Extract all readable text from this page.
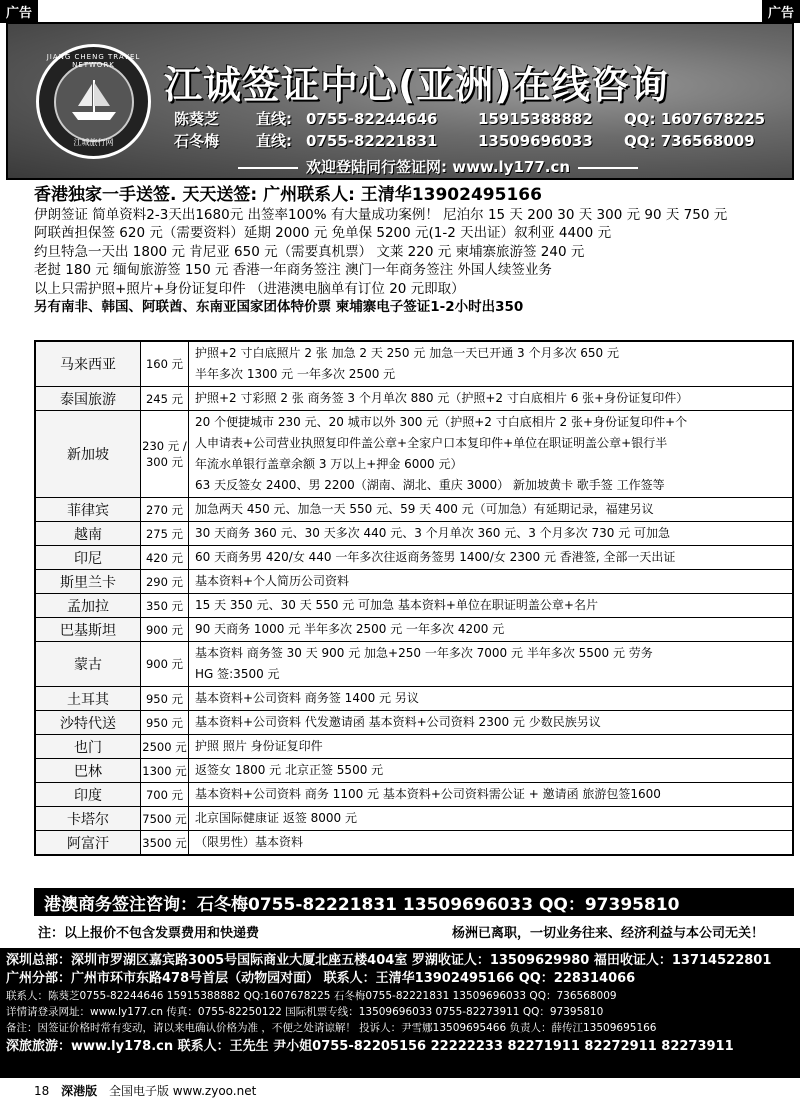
广告	广告
JIANG CHENG TRAVEL NETWORK
江城旅行网
江诚签证中心(亚洲)在线咨询
陈葵芝 直线: 0755-82244646	15915388882 QQ: 1607678225
石冬梅 直线: 0755-82221831	13509696033 QQ: 736568009
欢迎登陆同行签证网: www.ly177.cn
香港独家一手送签. 天天送签: 广州联系人: 王清华13902495166
伊朗签证 简单资料2-3天出1680元 出签率100% 有大量成功案例！ 尼泊尔 15 天 200 30 天 300 元 90 天 750 元
阿联酋担保签 620 元（需要资料）延期 2000 元 免单保 5200 元(1-2 天出证）叙利亚 4400 元
约旦特急一天出 1800 元 肯尼亚 650 元（需要真机票） 文莱 220 元 柬埔寨旅游签 240 元
老挝 180 元 缅甸旅游签 150 元 香港一年商务签注 澳门一年商务签注 外国人续签业务
以上只需护照+照片+身份证复印件 （进港澳电脑单有订位 20 元即取）
另有南非、韩国、阿联酋、东南亚国家团体特价票 柬埔寨电子签证1-2小时出350
马来西亚	160 元	护照+2 寸白底照片 2 张 加急 2 天 250 元 加急一天已开通 3 个月多次 650 元
半年多次 1300 元 一年多次 2500 元

泰国旅游	245 元	护照+2 寸彩照 2 张 商务签 3 个月单次 880 元（护照+2 寸白底相片 6 张+身份证复印件）

新加坡	230 元 / 300 元	20 个便捷城市 230 元、20 城市以外 300 元（护照+2 寸白底相片 2 张+身份证复印件+个
人申请表+公司营业执照复印件盖公章+全家户口本复印件+单位在职证明盖公章+银行半
年流水单银行盖章余额 3 万以上+押金 6000 元）
63 天反签女 2400、男 2200（湖南、湖北、重庆 3000） 新加坡黄卡 歌手签 工作签等

菲律宾	270 元	加急两天 450 元、加急一天 550 元、59 天 400 元（可加急）有延期记录，福建另议

越南	275 元	30 天商务 360 元、30 天多次 440 元、3 个月单次 360 元、3 个月多次 730 元 可加急

印尼	420 元	60 天商务男 420/女 440 一年多次往返商务签男 1400/女 2300 元 香港签, 全部一天出证

斯里兰卡	290 元	基本资料+个人简历公司资料

孟加拉	350 元	15 天 350 元、30 天 550 元 可加急 基本资料+单位在职证明盖公章+名片

巴基斯坦	900 元	90 天商务 1000 元 半年多次 2500 元 一年多次 4200 元

蒙古	900 元	基本资料 商务签 30 天 900 元 加急+250 一年多次 7000 元 半年多次 5500 元 劳务
HG 签:3500 元

土耳其	950 元	基本资料+公司资料 商务签 1400 元 另议

沙特代送	950 元	基本资料+公司资料 代发邀请函 基本资料+公司资料 2300 元 少数民族另议

也门	2500 元	护照 照片 身份证复印件

巴林	1300 元	返签女 1800 元 北京正签 5500 元

印度	700 元	基本资料+公司资料 商务 1100 元 基本资料+公司资料需公证 + 邀请函 旅游包签1600

卡塔尔	7500 元	北京国际健康证 返签 8000 元

阿富汗	3500 元	（限男性）基本资料
港澳商务签注咨询：石冬梅0755-82221831 13509696033 QQ：97395810
注：以上报价不包含发票费用和快递费	杨洲已离职，一切业务往来、经济利益与本公司无关！
深圳总部：深圳市罗湖区嘉宾路3005号国际商业大厦北座五楼404室 罗湖收证人：13509629980 福田收证人：13714522801
广州分部：广州市环市东路478号首层（动物园对面） 联系人：王清华13902495166 QQ：228314066
联系人：陈葵芝0755-82244646 15915388882 QQ:1607678225 石冬梅0755-82221831 13509696033 QQ：736568009
详情请登录网址：www.ly177.cn 传真：0755-82250122 国际机票专线：13509696033 0755-82273911 QQ：97395810
备注：因签证价格时常有变动，请以来电确认价格为准 ，不便之处请谅解！ 投诉人：尹雪娜13509695466 负责人：薛传江13509695166
深旅旅游：www.ly178.cn 联系人：王先生 尹小姐0755-82205156 22222233 82271911 82272911 82273911
18 深港版 全国电子版 www.zyoo.net
